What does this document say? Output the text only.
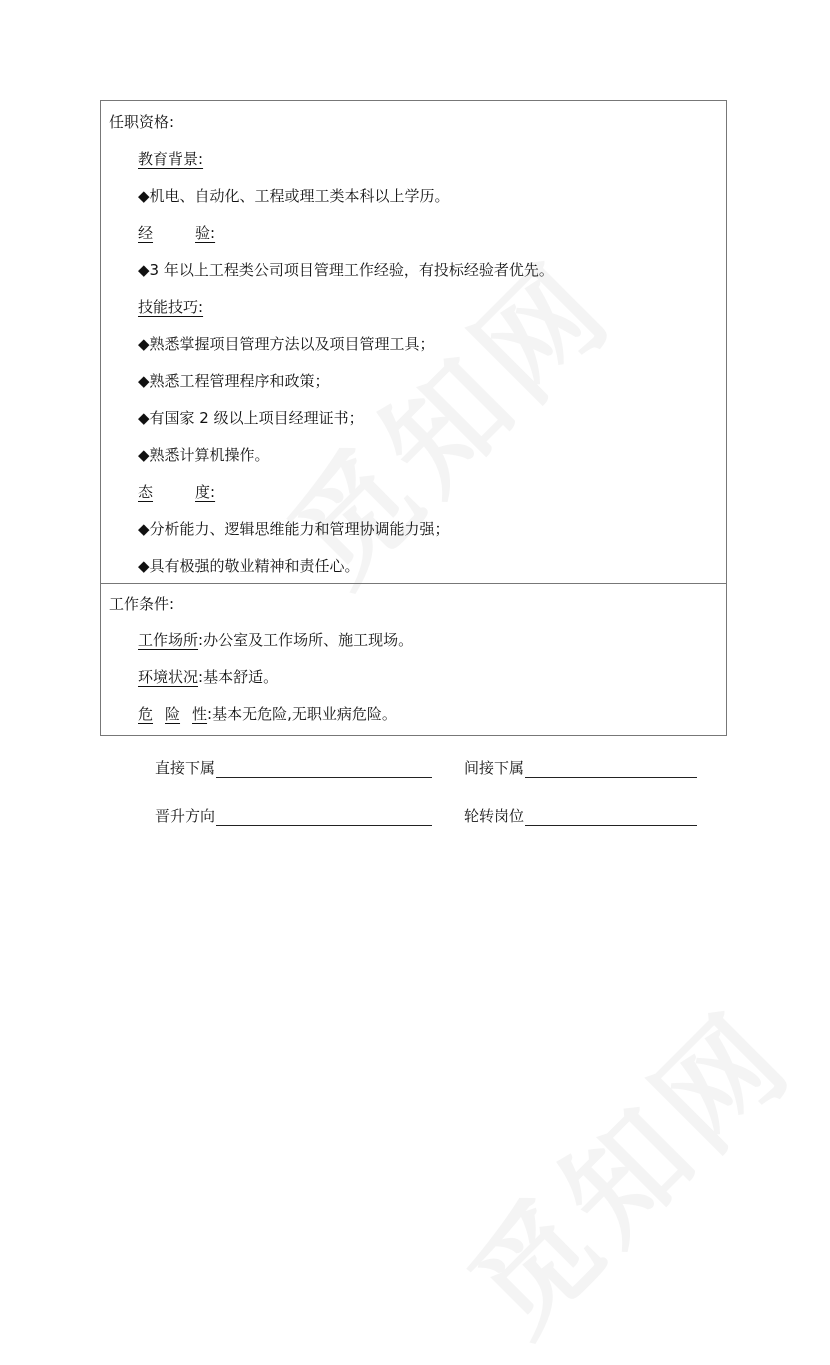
任职资格:
教育背景:
◆机电、自动化、工程或理工类本科以上学历。
经	验:
◆3 年以上工程类公司项目管理工作经验，有投标经验者优先。
技能技巧:
◆熟悉掌握项目管理方法以及项目管理工具；
◆熟悉工程管理程序和政策；
◆有国家 2 级以上项目经理证书；
◆熟悉计算机操作。
态	度:
◆分析能力、逻辑思维能力和管理协调能力强；
◆具有极强的敬业精神和责任心。
工作条件:
工作场所:办公室及工作场所、施工现场。
环境状况:基本舒适。
危 险 性:基本无危险,无职业病危险。
直接下属	间接下属
晋升方向	轮转岗位
